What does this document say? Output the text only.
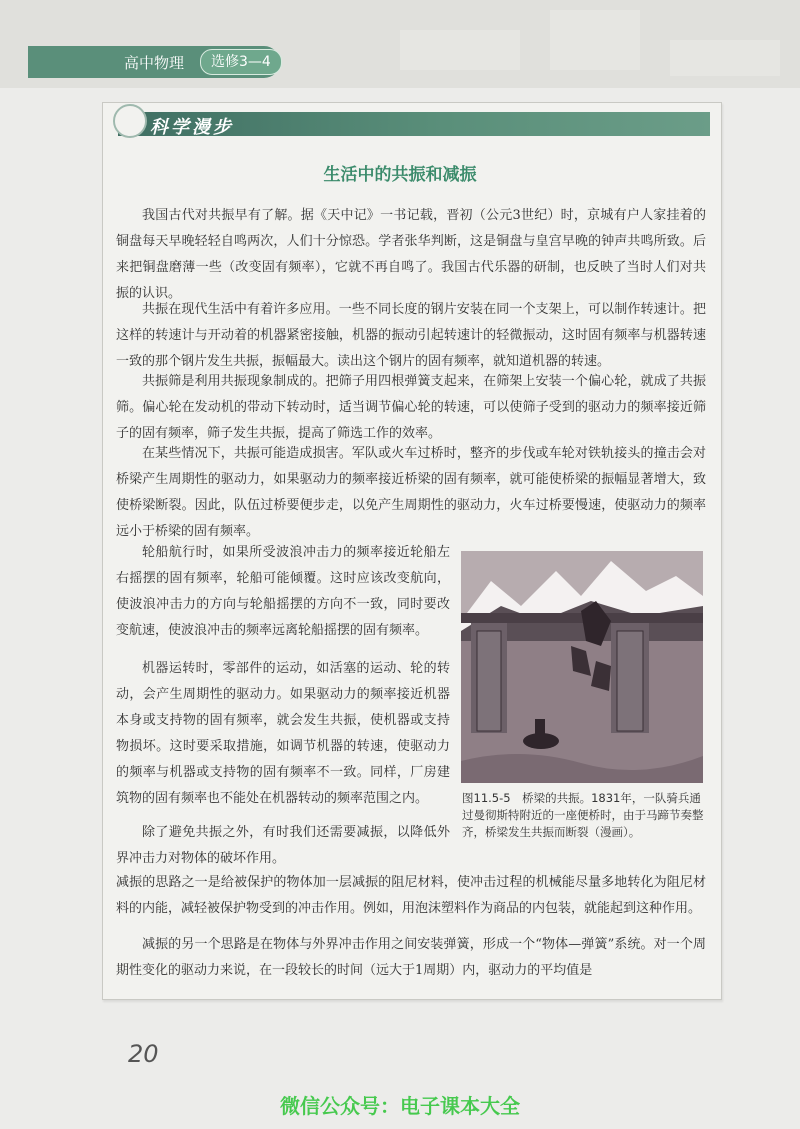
高中物理	选修3—4
科学漫步
生活中的共振和减振

我国古代对共振早有了解。据《天中记》一书记载，晋初（公元3世纪）时，京城有户人家挂着的铜盘每天早晚轻轻自鸣两次，人们十分惊恐。学者张华判断，这是铜盘与皇宫早晚的钟声共鸣所致。后来把铜盘磨薄一些（改变固有频率），它就不再自鸣了。我国古代乐器的研制，也反映了当时人们对共振的认识。

共振在现代生活中有着许多应用。一些不同长度的钢片安装在同一个支架上，可以制作转速计。把这样的转速计与开动着的机器紧密接触，机器的振动引起转速计的轻微振动，这时固有频率与机器转速一致的那个钢片发生共振，振幅最大。读出这个钢片的固有频率，就知道机器的转速。

共振筛是利用共振现象制成的。把筛子用四根弹簧支起来，在筛架上安装一个偏心轮，就成了共振筛。偏心轮在发动机的带动下转动时，适当调节偏心轮的转速，可以使筛子受到的驱动力的频率接近筛子的固有频率，筛子发生共振，提高了筛选工作的效率。

在某些情况下，共振可能造成损害。军队或火车过桥时，整齐的步伐或车轮对铁轨接头的撞击会对桥梁产生周期性的驱动力，如果驱动力的频率接近桥梁的固有频率，就可能使桥梁的振幅显著增大，致使桥梁断裂。因此，队伍过桥要便步走，以免产生周期性的驱动力，火车过桥要慢速，使驱动力的频率远小于桥梁的固有频率。

轮船航行时，如果所受波浪冲击力的频率接近轮船左右摇摆的固有频率，轮船可能倾覆。这时应该改变航向，使波浪冲击力的方向与轮船摇摆的方向不一致，同时要改变航速，使波浪冲击的频率远离轮船摇摆的固有频率。

机器运转时，零部件的运动，如活塞的运动、轮的转动，会产生周期性的驱动力。如果驱动力的频率接近机器本身或支持物的固有频率，就会发生共振，使机器或支持物损坏。这时要采取措施，如调节机器的转速，使驱动力的频率与机器或支持物的固有频率不一致。同样，厂房建筑物的固有频率也不能处在机器转动的频率范围之内。

除了避免共振之外，有时我们还需要减振，以降低外界冲击力对物体的破坏作用。

减振的思路之一是给被保护的物体加一层减振的阻尼材料，使冲击过程的机械能尽量多地转化为阻尼材料的内能，减轻被保护物受到的冲击作用。例如，用泡沫塑料作为商品的内包装，就能起到这种作用。

减振的另一个思路是在物体与外界冲击作用之间安装弹簧，形成一个“物体—弹簧”系统。对一个周期性变化的驱动力来说，在一段较长的时间（远大于1周期）内，驱动力的平均值是

图11.5-5　桥梁的共振。1831年，一队骑兵通过曼彻斯特附近的一座便桥时，由于马蹄节奏整齐，桥梁发生共振而断裂（漫画）。
20
微信公众号：电子课本大全
